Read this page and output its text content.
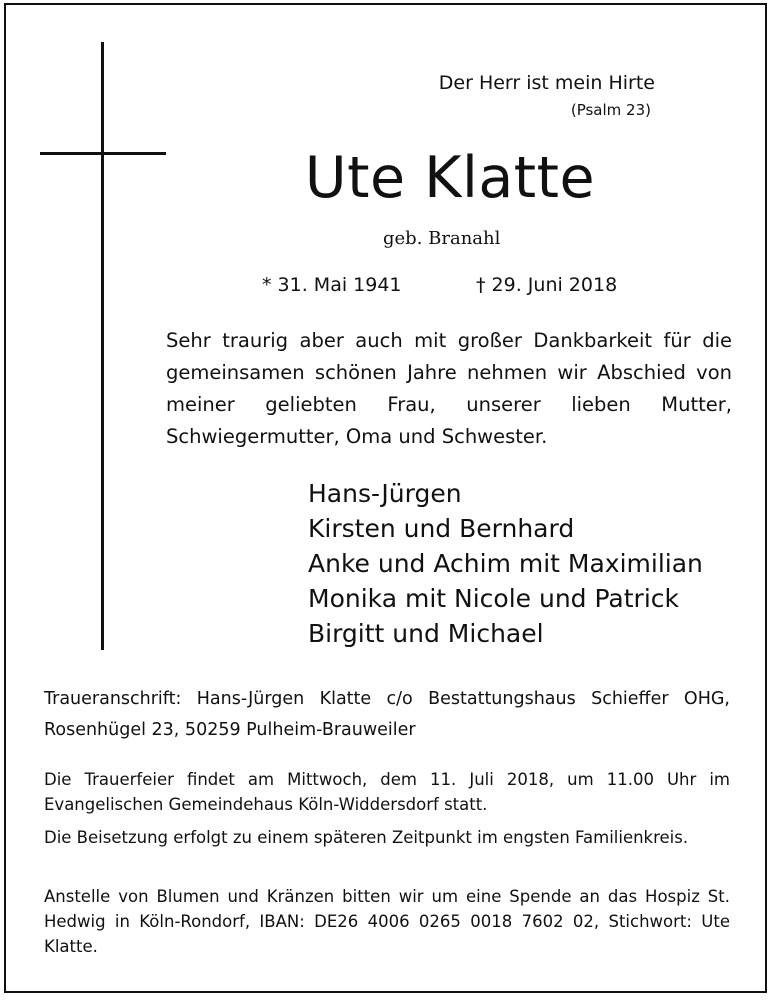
Der Herr ist mein Hirte
(Psalm 23)
Ute Klatte
geb. Branahl
* 31. Mai 1941	† 29. Juni 2018
Sehr traurig aber auch mit großer Dankbarkeit für die gemeinsamen schönen Jahre nehmen wir Abschied von meiner geliebten Frau, unserer lieben Mutter, Schwiegermutter, Oma und Schwester.
Hans-Jürgen
Kirsten und Bernhard
Anke und Achim mit Maximilian
Monika mit Nicole und Patrick
Birgitt und Michael
Traueranschrift: Hans-Jürgen Klatte c/o Bestattungshaus Schieffer OHG, Rosenhügel 23, 50259 Pulheim-Brauweiler
Die Trauerfeier findet am Mittwoch, dem 11. Juli 2018, um 11.00 Uhr im Evangelischen Gemeindehaus Köln-Widdersdorf statt.
Die Beisetzung erfolgt zu einem späteren Zeitpunkt im engsten Familienkreis.
Anstelle von Blumen und Kränzen bitten wir um eine Spende an das Hospiz St. Hedwig in Köln-Rondorf, IBAN: DE26 4006 0265 0018 7602 02, Stichwort: Ute Klatte.
